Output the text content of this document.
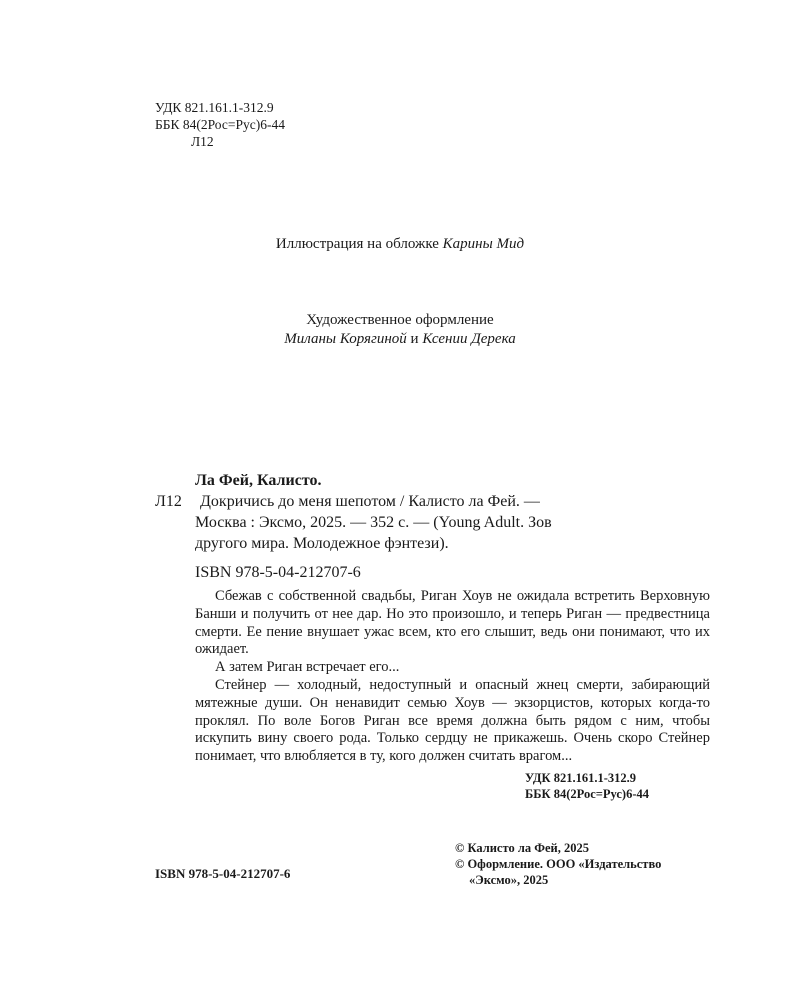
УДК 821.161.1-312.9
ББК 84(2Рос=Рус)6-44
Л12
Иллюстрация на обложке Карины Мид
Художественное оформление
Миланы Корягиной и Ксении Дерека
Ла Фей, Калисто.
Л12	Докричись до меня шепотом / Калисто ла Фей. —
Москва : Эксмо, 2025. — 352 с. — (Young Adult. Зов
другого мира. Молодежное фэнтези).
ISBN 978-5-04-212707-6

Сбежав с собственной свадьбы, Риган Хоув не ожидала встретить Верховную Банши и получить от нее дар. Но это произошло, и теперь Риган — предвестница смерти. Ее пение внушает ужас всем, кто его слышит, ведь они понимают, что их ожидает.

А затем Риган встречает его...

Стейнер — холодный, недоступный и опасный жнец смерти, забирающий мятежные души. Он ненавидит семью Хоув — экзорцистов, которых когда-то проклял. По воле Богов Риган все время должна быть рядом с ним, чтобы искупить вину своего рода. Только сердцу не прикажешь. Очень скоро Стейнер понимает, что влюбляется в ту, кого должен считать врагом...

УДК 821.161.1-312.9
ББК 84(2Рос=Рус)6-44
© Калисто ла Фей, 2025
© Оформление. ООО «Издательство
«Эксмо», 2025
ISBN 978-5-04-212707-6
